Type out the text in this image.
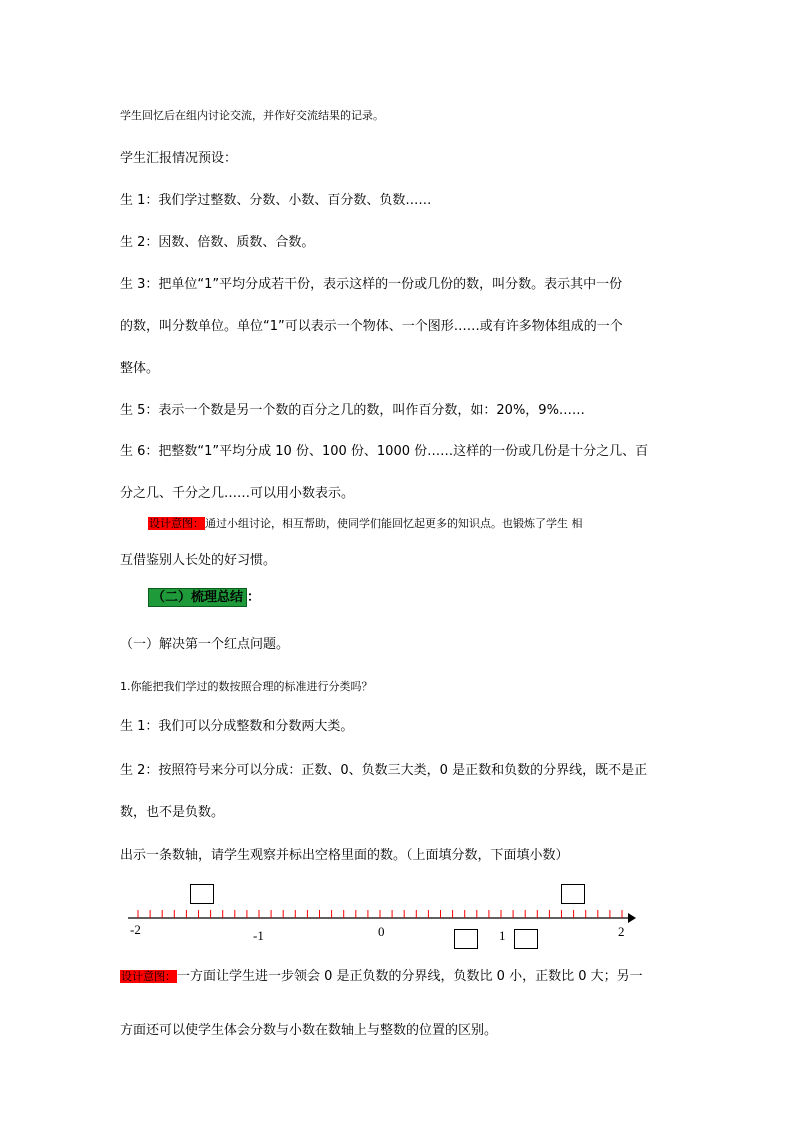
学生回忆后在组内讨论交流，并作好交流结果的记录。
学生汇报情况预设：
生 1：我们学过整数、分数、小数、百分数、负数……
生 2：因数、倍数、质数、合数。
生 3：把单位“1”平均分成若干份，表示这样的一份或几份的数，叫分数。表示其中一份
的数，叫分数单位。单位“1”可以表示一个物体、一个图形……或有许多物体组成的一个
整体。
生 5：表示一个数是另一个数的百分之几的数，叫作百分数，如：20%，9%……
生 6：把整数“1”平均分成 10 份、100 份、1000 份……这样的一份或几份是十分之几、百
分之几、千分之几……可以用小数表示。
设计意图：通过小组讨论，相互帮助，使同学们能回忆起更多的知识点。也锻炼了学生 相
互借鉴别人长处的好习惯。
（二）梳理总结 ：
（一）解决第一个红点问题。
1.你能把我们学过的数按照合理的标准进行分类吗？
生 1：我们可以分成整数和分数两大类。
生 2：按照符号来分可以分成：正数、0、负数三大类，0 是正数和负数的分界线，既不是正
数，也不是负数。
出示一条数轴，请学生观察并标出空格里面的数。（上面填分数，下面填小数）
-2	-1	0	1	2
设计意图：一方面让学生进一步领会 0 是正负数的分界线，负数比 0 小，正数比 0 大；另一
方面还可以使学生体会分数与小数在数轴上与整数的位置的区别。
